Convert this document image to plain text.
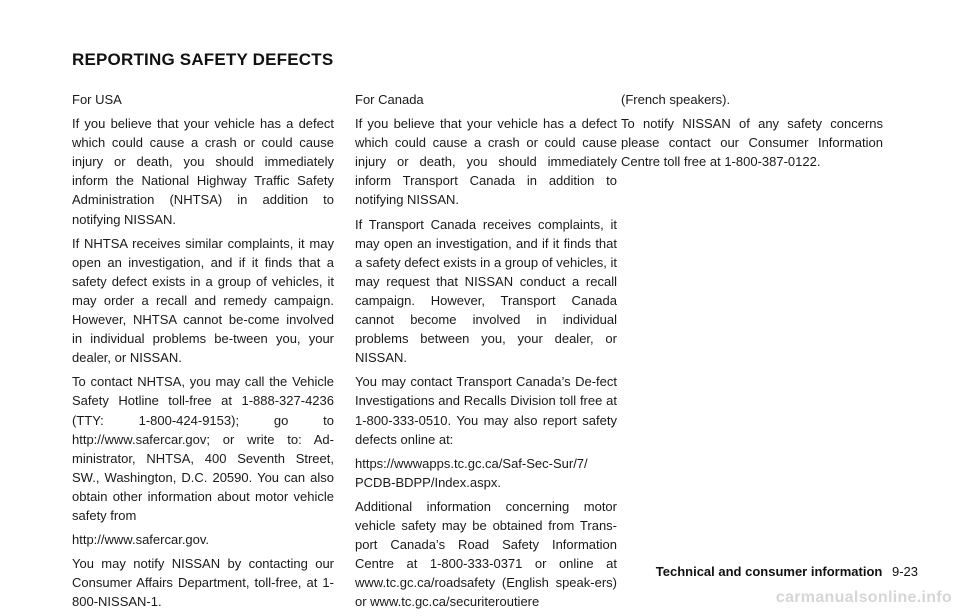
REPORTING SAFETY DEFECTS

For USA

If you believe that your vehicle has a defect which could cause a crash or could cause injury or death, you should immediately inform the National Highway Traffic Safety Administration (NHTSA) in addition to notifying NISSAN.

If NHTSA receives similar complaints, it may open an investigation, and if it finds that a safety defect exists in a group of vehicles, it may order a recall and remedy campaign. However, NHTSA cannot be-come involved in individual problems be-tween you, your dealer, or NISSAN.

To contact NHTSA, you may call the Vehicle Safety Hotline toll-free at 1-888-327-4236 (TTY: 1-800-424-9153); go to http://www.safercar.gov; or write to: Ad-ministrator, NHTSA, 400 Seventh Street, SW., Washington, D.C. 20590. You can also obtain other information about motor vehicle safety from

http://www.safercar.gov.

You may notify NISSAN by contacting our Consumer Affairs Department, toll-free, at 1-800-NISSAN-1.

For Canada

If you believe that your vehicle has a defect which could cause a crash or could cause injury or death, you should immediately inform Transport Canada in addition to notifying NISSAN.

If Transport Canada receives complaints, it may open an investigation, and if it finds that a safety defect exists in a group of vehicles, it may request that NISSAN conduct a recall campaign. However, Transport Canada cannot become involved in individual problems between you, your dealer, or NISSAN.

You may contact Transport Canada’s De-fect Investigations and Recalls Division toll free at 1-800-333-0510. You may also report safety defects online at:

https://wwwapps.tc.gc.ca/Saf-Sec-Sur/7/ PCDB-BDPP/Index.aspx.

Additional information concerning motor vehicle safety may be obtained from Trans-port Canada’s Road Safety Information Centre at 1-800-333-0371 or online at www.tc.gc.ca/roadsafety (English speak-ers) or www.tc.gc.ca/securiteroutiere

(French speakers).

To notify NISSAN of any safety concerns please contact our Consumer Information Centre toll free at 1-800-387-0122.

Technical and consumer information 9-23
carmanualsonline.info
